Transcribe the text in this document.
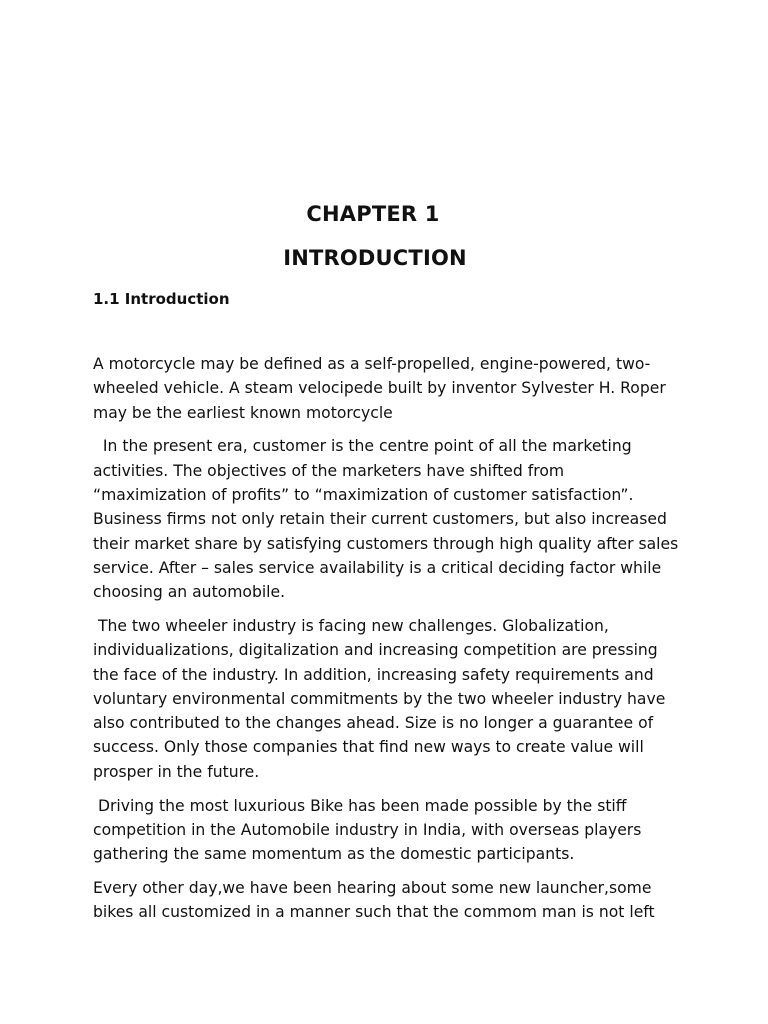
CHAPTER 1
INTRODUCTION
1.1 Introduction

A motorcycle may be defined as a self-propelled, engine-powered, two-wheeled vehicle. A steam velocipede built by inventor Sylvester H. Roper may be the earliest known motorcycle

In the present era, customer is the centre point of all the marketing activities. The objectives of the marketers have shifted from “maximization of profits” to “maximization of customer satisfaction”. Business firms not only retain their current customers, but also increased their market share by satisfying customers through high quality after sales service. After – sales service availability is a critical deciding factor while choosing an automobile.

The two wheeler industry is facing new challenges. Globalization, individualizations, digitalization and increasing competition are pressing the face of the industry. In addition, increasing safety requirements and voluntary environmental commitments by the two wheeler industry have also contributed to the changes ahead. Size is no longer a guarantee of success. Only those companies that find new ways to create value will prosper in the future.

Driving the most luxurious Bike has been made possible by the stiff competition in the Automobile industry in India, with overseas players gathering the same momentum as the domestic participants.

Every other day,we have been hearing about some new launcher,some bikes all customized in a manner such that the commom man is not left
